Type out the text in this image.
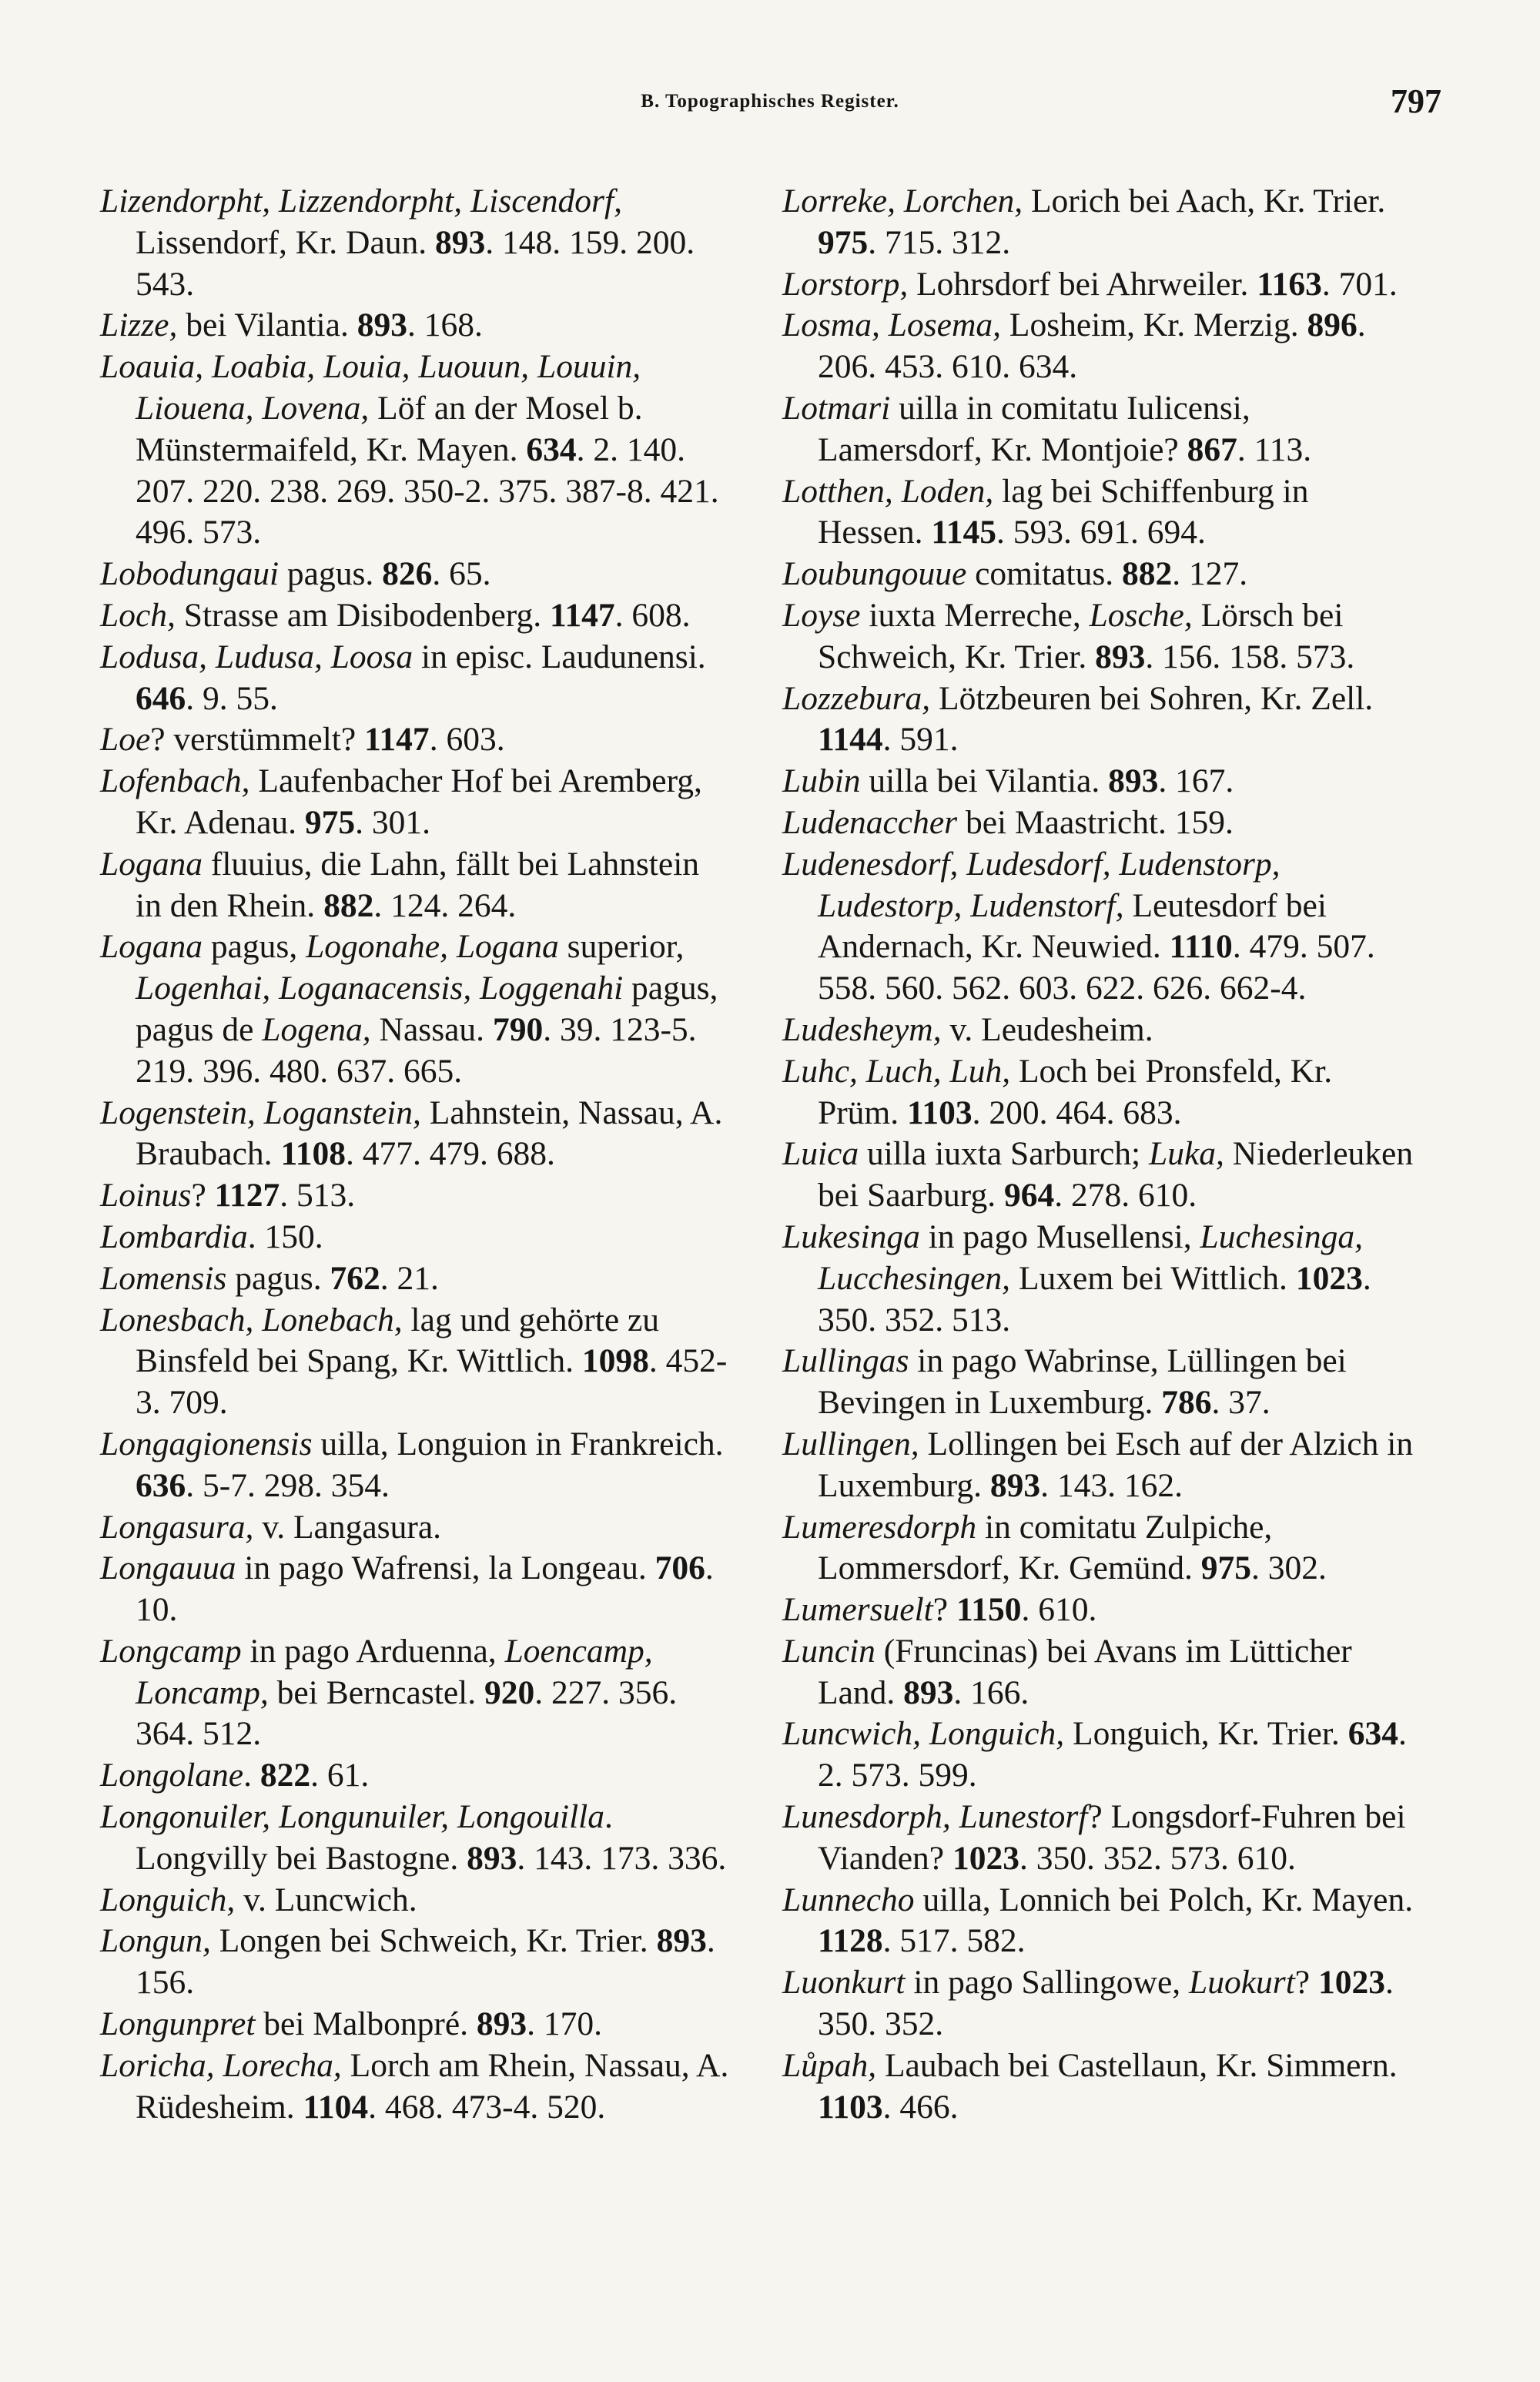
B. Topographisches Register.	797

Lizendorpht, Lizzendorpht, Liscendorf, Lissendorf, Kr. Daun. 893. 148. 159. 200. 543.

Lizze, bei Vilantia. 893. 168.

Loauia, Loabia, Louia, Luouun, Louuin, Liouena, Lovena, Löf an der Mosel b. Münstermaifeld, Kr. Mayen. 634. 2. 140. 207. 220. 238. 269. 350-2. 375. 387-8. 421. 496. 573.

Lobodungaui pagus. 826. 65.

Loch, Strasse am Disibodenberg. 1147. 608.

Lodusa, Ludusa, Loosa in episc. Laudunensi. 646. 9. 55.

Loe? verstümmelt? 1147. 603.

Lofenbach, Laufenbacher Hof bei Aremberg, Kr. Adenau. 975. 301.

Logana fluuius, die Lahn, fällt bei Lahnstein in den Rhein. 882. 124. 264.

Logana pagus, Logonahe, Logana superior, Logenhai, Loganacensis, Loggenahi pagus, pagus de Logena, Nassau. 790. 39. 123-5. 219. 396. 480. 637. 665.

Logenstein, Loganstein, Lahnstein, Nassau, A. Braubach. 1108. 477. 479. 688.

Loinus? 1127. 513.

Lombardia. 150.

Lomensis pagus. 762. 21.

Lonesbach, Lonebach, lag und gehörte zu Binsfeld bei Spang, Kr. Wittlich. 1098. 452-3. 709.

Longagionensis uilla, Longuion in Frankreich. 636. 5-7. 298. 354.

Longasura, v. Langasura.

Longauua in pago Wafrensi, la Longeau. 706. 10.

Longcamp in pago Arduenna, Loencamp, Loncamp, bei Berncastel. 920. 227. 356. 364. 512.

Longolane. 822. 61.

Longonuiler, Longunuiler, Longouilla. Longvilly bei Bastogne. 893. 143. 173. 336.

Longuich, v. Luncwich.

Longun, Longen bei Schweich, Kr. Trier. 893. 156.

Longunpret bei Malbonpré. 893. 170.

Loricha, Lorecha, Lorch am Rhein, Nassau, A. Rüdesheim. 1104. 468. 473-4. 520.

Lorreke, Lorchen, Lorich bei Aach, Kr. Trier. 975. 715. 312.

Lorstorp, Lohrsdorf bei Ahrweiler. 1163. 701.

Losma, Losema, Losheim, Kr. Merzig. 896. 206. 453. 610. 634.

Lotmari uilla in comitatu Iulicensi, Lamersdorf, Kr. Montjoie? 867. 113.

Lotthen, Loden, lag bei Schiffenburg in Hessen. 1145. 593. 691. 694.

Loubungouue comitatus. 882. 127.

Loyse iuxta Merreche, Losche, Lörsch bei Schweich, Kr. Trier. 893. 156. 158. 573.

Lozzebura, Lötzbeuren bei Sohren, Kr. Zell. 1144. 591.

Lubin uilla bei Vilantia. 893. 167.

Ludenaccher bei Maastricht. 159.

Ludenesdorf, Ludesdorf, Ludenstorp, Ludestorp, Ludenstorf, Leutesdorf bei Andernach, Kr. Neuwied. 1110. 479. 507. 558. 560. 562. 603. 622. 626. 662-4.

Ludesheym, v. Leudesheim.

Luhc, Luch, Luh, Loch bei Pronsfeld, Kr. Prüm. 1103. 200. 464. 683.

Luica uilla iuxta Sarburch; Luka, Niederleuken bei Saarburg. 964. 278. 610.

Lukesinga in pago Musellensi, Luchesinga, Lucchesingen, Luxem bei Wittlich. 1023. 350. 352. 513.

Lullingas in pago Wabrinse, Lüllingen bei Bevingen in Luxemburg. 786. 37.

Lullingen, Lollingen bei Esch auf der Alzich in Luxemburg. 893. 143. 162.

Lumeresdorph in comitatu Zulpiche, Lommersdorf, Kr. Gemünd. 975. 302.

Lumersuelt? 1150. 610.

Luncin (Fruncinas) bei Avans im Lütticher Land. 893. 166.

Luncwich, Longuich, Longuich, Kr. Trier. 634. 2. 573. 599.

Lunesdorph, Lunestorf? Longsdorf-Fuhren bei Vianden? 1023. 350. 352. 573. 610.

Lunnecho uilla, Lonnich bei Polch, Kr. Mayen. 1128. 517. 582.

Luonkurt in pago Sallingowe, Luokurt? 1023. 350. 352.

Lůpah, Laubach bei Castellaun, Kr. Simmern. 1103. 466.
